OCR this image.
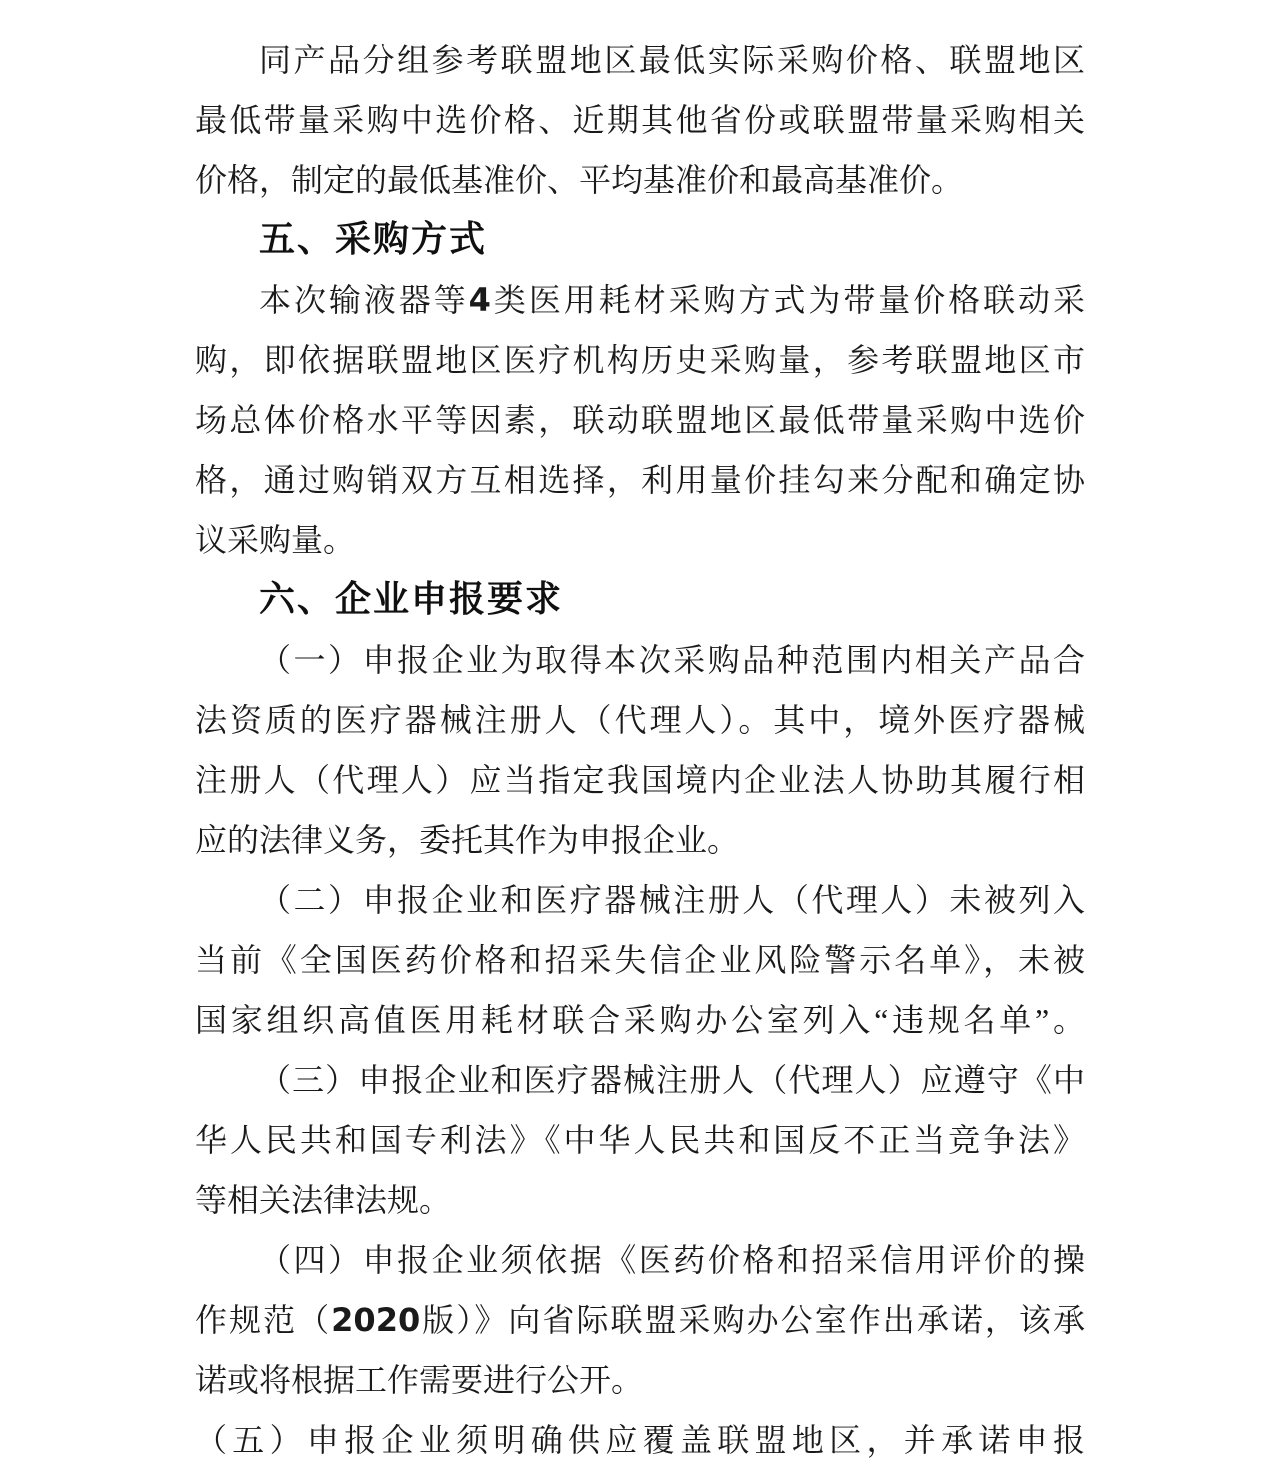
同产品分组参考联盟地区最低实际采购价格、联盟地区
最低带量采购中选价格、近期其他省份或联盟带量采购相关
价格，制定的最低基准价、平均基准价和最高基准价。
五、采购方式
本次输液器等4类医用耗材采购方式为带量价格联动采
购，即依据联盟地区医疗机构历史采购量，参考联盟地区市
场总体价格水平等因素，联动联盟地区最低带量采购中选价
格，通过购销双方互相选择，利用量价挂勾来分配和确定协
议采购量。
六、企业申报要求
（一）申报企业为取得本次采购品种范围内相关产品合
法资质的医疗器械注册人（代理人）。其中，境外医疗器械
注册人（代理人）应当指定我国境内企业法人协助其履行相
应的法律义务，委托其作为申报企业。
（二）申报企业和医疗器械注册人（代理人）未被列入
当前《全国医药价格和招采失信企业风险警示名单》，未被
国家组织高值医用耗材联合采购办公室列入“违规名单”。
（三）申报企业和医疗器械注册人（代理人）应遵守《中
华人民共和国专利法》《中华人民共和国反不正当竞争法》
等相关法律法规。
（四）申报企业须依据《医药价格和招采信用评价的操
作规范（2020版）》向省际联盟采购办公室作出承诺，该承
诺或将根据工作需要进行公开。
（五）申报企业须明确供应覆盖联盟地区，并承诺申报
